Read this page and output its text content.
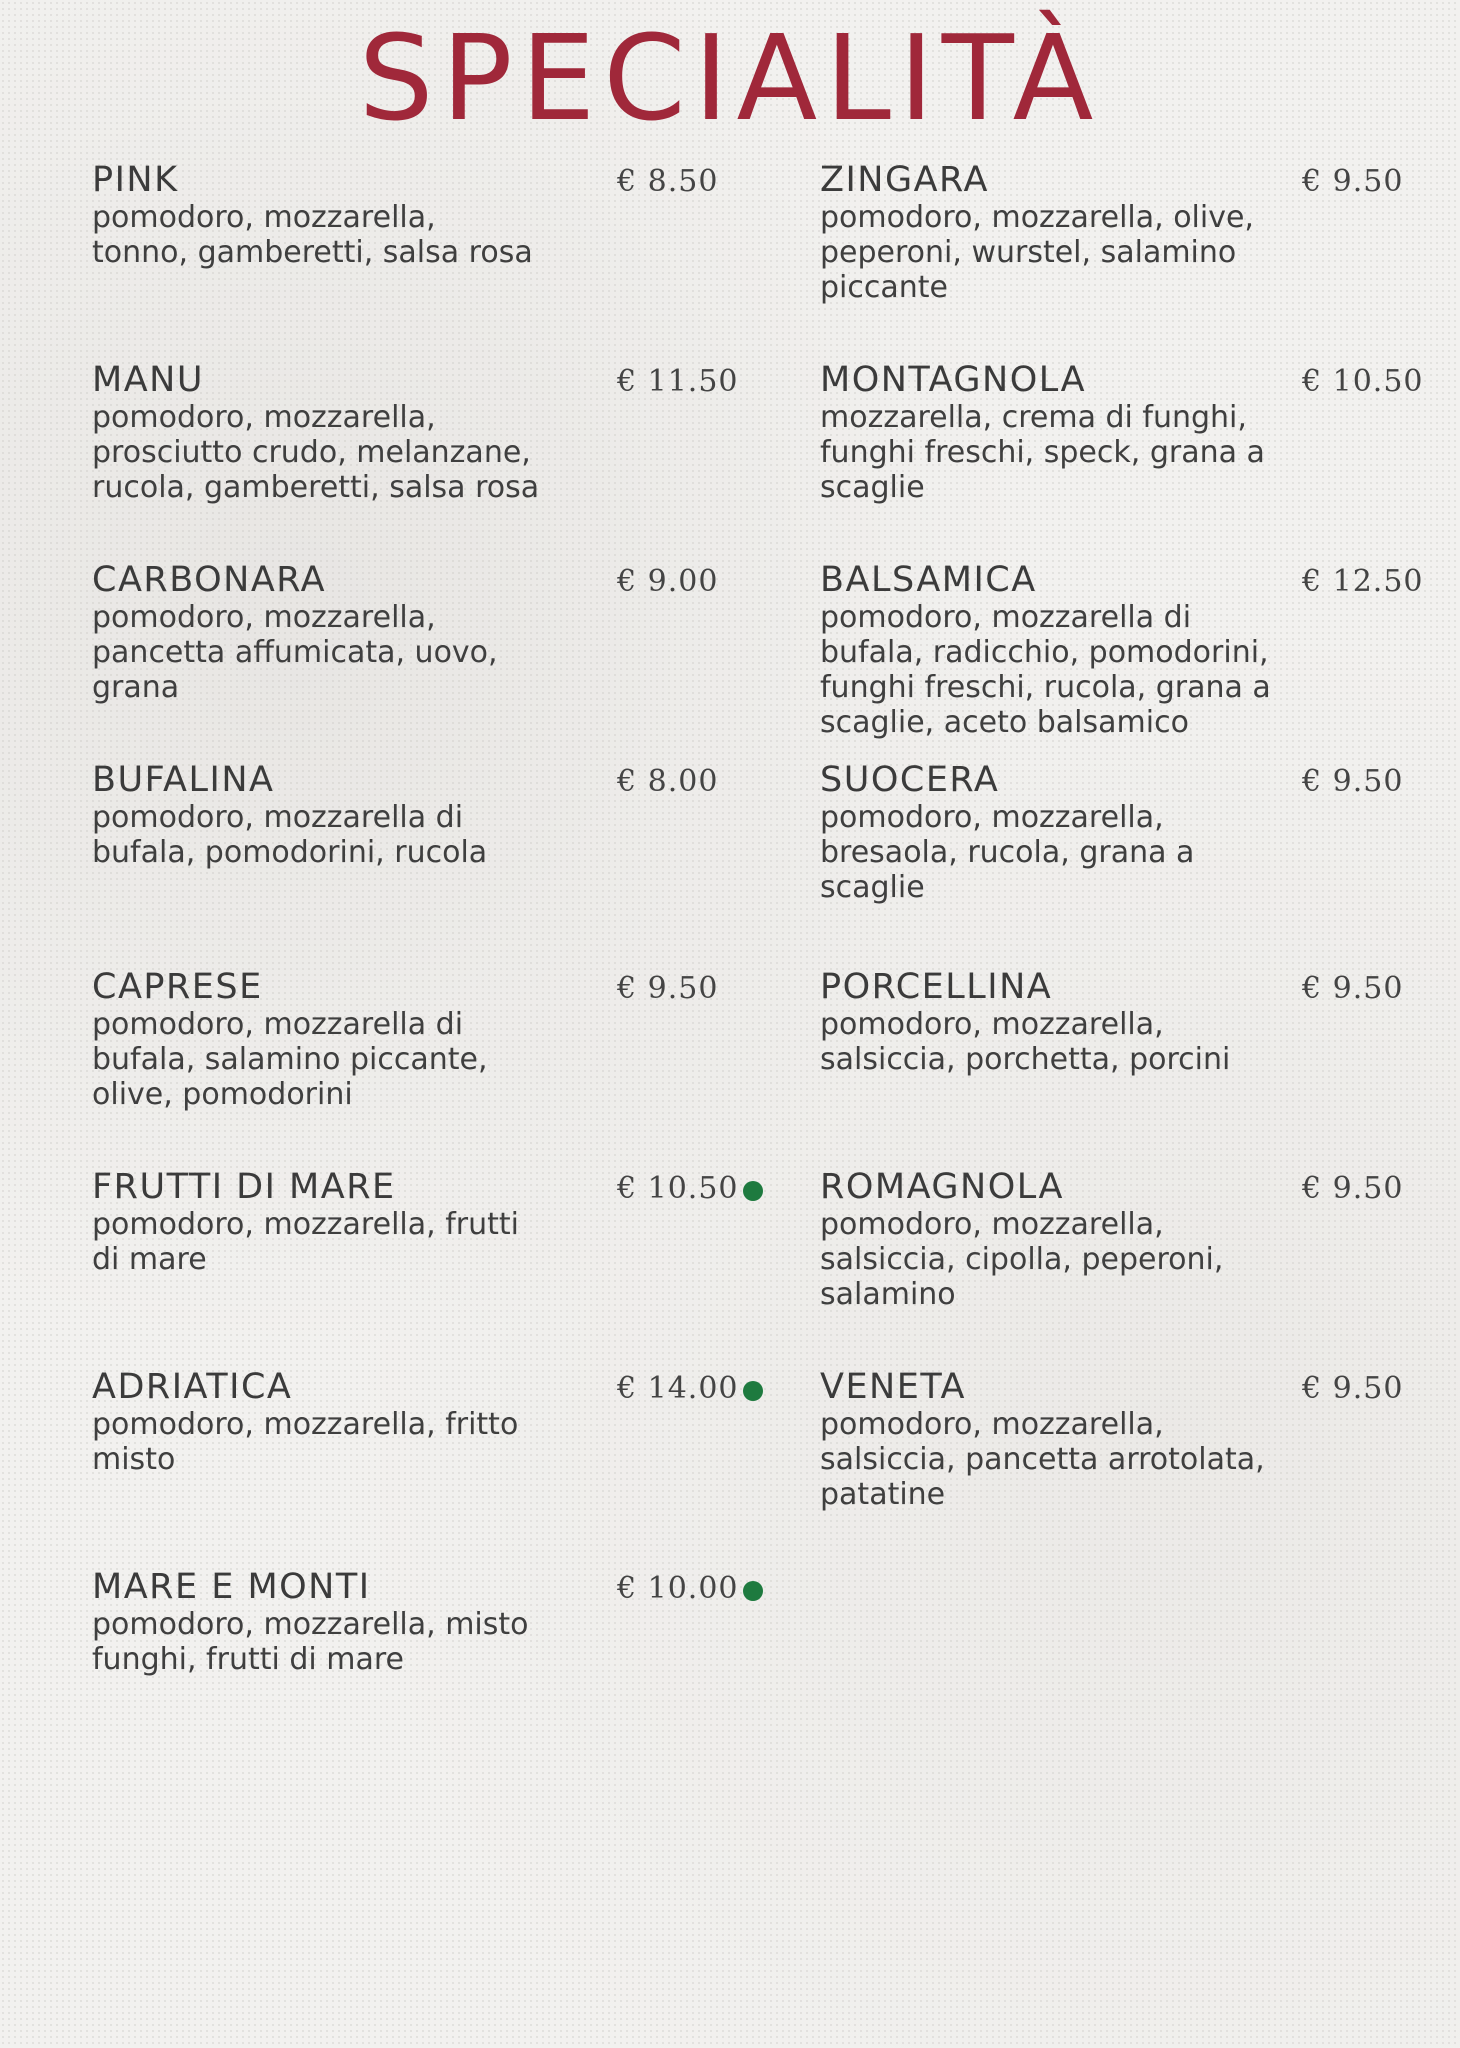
SPECIALITÀ
PINK
pomodoro, mozzarella,
tonno, gamberetti, salsa rosa
€ 8.50
MANU
pomodoro, mozzarella,
prosciutto crudo, melanzane,
rucola, gamberetti, salsa rosa
€ 11.50
CARBONARA
pomodoro, mozzarella,
pancetta affumicata, uovo,
grana
€ 9.00
BUFALINA
pomodoro, mozzarella di
bufala, pomodorini, rucola
€ 8.00
CAPRESE
pomodoro, mozzarella di
bufala, salamino piccante,
olive, pomodorini
€ 9.50
FRUTTI DI MARE
pomodoro, mozzarella, frutti
di mare
€ 10.50
ADRIATICA
pomodoro, mozzarella, fritto
misto
€ 14.00
MARE E MONTI
pomodoro, mozzarella, misto
funghi, frutti di mare
€ 10.00
ZINGARA
pomodoro, mozzarella, olive,
peperoni, wurstel, salamino
piccante
€ 9.50
MONTAGNOLA
mozzarella, crema di funghi,
funghi freschi, speck, grana a
scaglie
€ 10.50
BALSAMICA
pomodoro, mozzarella di
bufala, radicchio, pomodorini,
funghi freschi, rucola, grana a
scaglie, aceto balsamico
€ 12.50
SUOCERA
pomodoro, mozzarella,
bresaola, rucola, grana a
scaglie
€ 9.50
PORCELLINA
pomodoro, mozzarella,
salsiccia, porchetta, porcini
€ 9.50
ROMAGNOLA
pomodoro, mozzarella,
salsiccia, cipolla, peperoni,
salamino
€ 9.50
VENETA
pomodoro, mozzarella,
salsiccia, pancetta arrotolata,
patatine
€ 9.50
